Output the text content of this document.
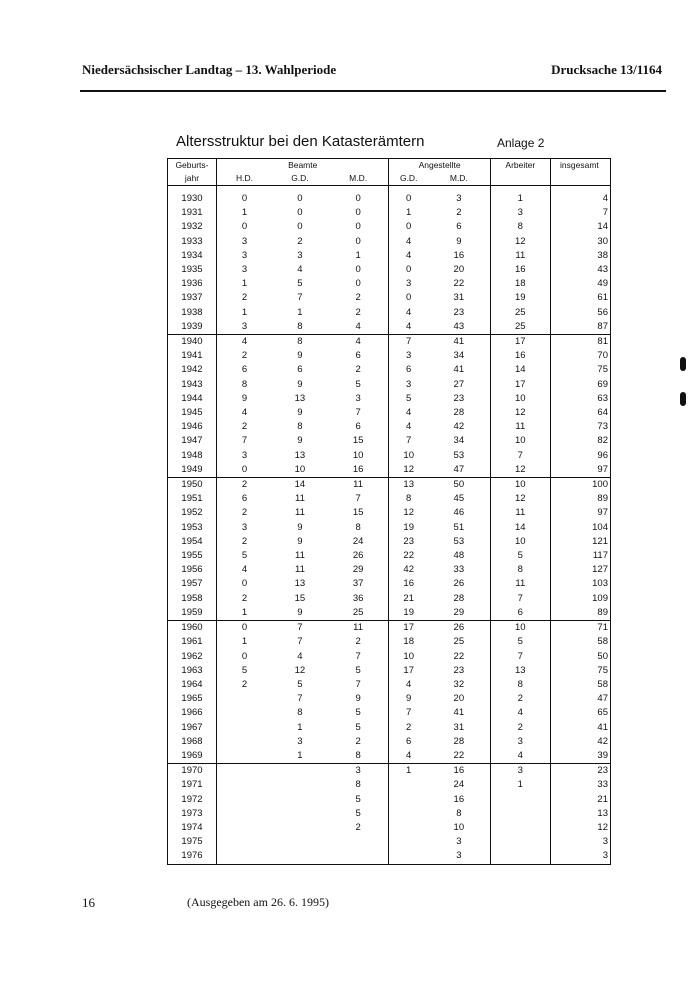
Niedersächsischer Landtag – 13. Wahlperiode	Drucksache 13/1164
Altersstruktur bei den Katasterämtern	Anlage 2
Geburts-	Beamte			Angestellte		Arbeiter	insgesamt
jahr	H.D.	G.D.	M.D.	G.D.	M.D.		

1930	0	0	0	0	3	1	4
1931	1	0	0	1	2	3	7
1932	0	0	0	0	6	8	14
1933	3	2	0	4	9	12	30
1934	3	3	1	4	16	11	38
1935	3	4	0	0	20	16	43
1936	1	5	0	3	22	18	49
1937	2	7	2	0	31	19	61
1938	1	1	2	4	23	25	56
1939	3	8	4	4	43	25	87
1940	4	8	4	7	41	17	81
1941	2	9	6	3	34	16	70
1942	6	6	2	6	41	14	75
1943	8	9	5	3	27	17	69
1944	9	13	3	5	23	10	63
1945	4	9	7	4	28	12	64
1946	2	8	6	4	42	11	73
1947	7	9	15	7	34	10	82
1948	3	13	10	10	53	7	96
1949	0	10	16	12	47	12	97
1950	2	14	11	13	50	10	100
1951	6	11	7	8	45	12	89
1952	2	11	15	12	46	11	97
1953	3	9	8	19	51	14	104
1954	2	9	24	23	53	10	121
1955	5	11	26	22	48	5	117
1956	4	11	29	42	33	8	127
1957	0	13	37	16	26	11	103
1958	2	15	36	21	28	7	109
1959	1	9	25	19	29	6	89
1960	0	7	11	17	26	10	71
1961	1	7	2	18	25	5	58
1962	0	4	7	10	22	7	50
1963	5	12	5	17	23	13	75
1964	2	5	7	4	32	8	58
1965		7	9	9	20	2	47
1966		8	5	7	41	4	65
1967		1	5	2	31	2	41
1968		3	2	6	28	3	42
1969		1	8	4	22	4	39
1970			3	1	16	3	23
1971			8		24	1	33
1972			5		16		21
1973			5		8		13
1974			2		10		12
1975					3		3
1976					3		3
16	(Ausgegeben am 26. 6. 1995)
